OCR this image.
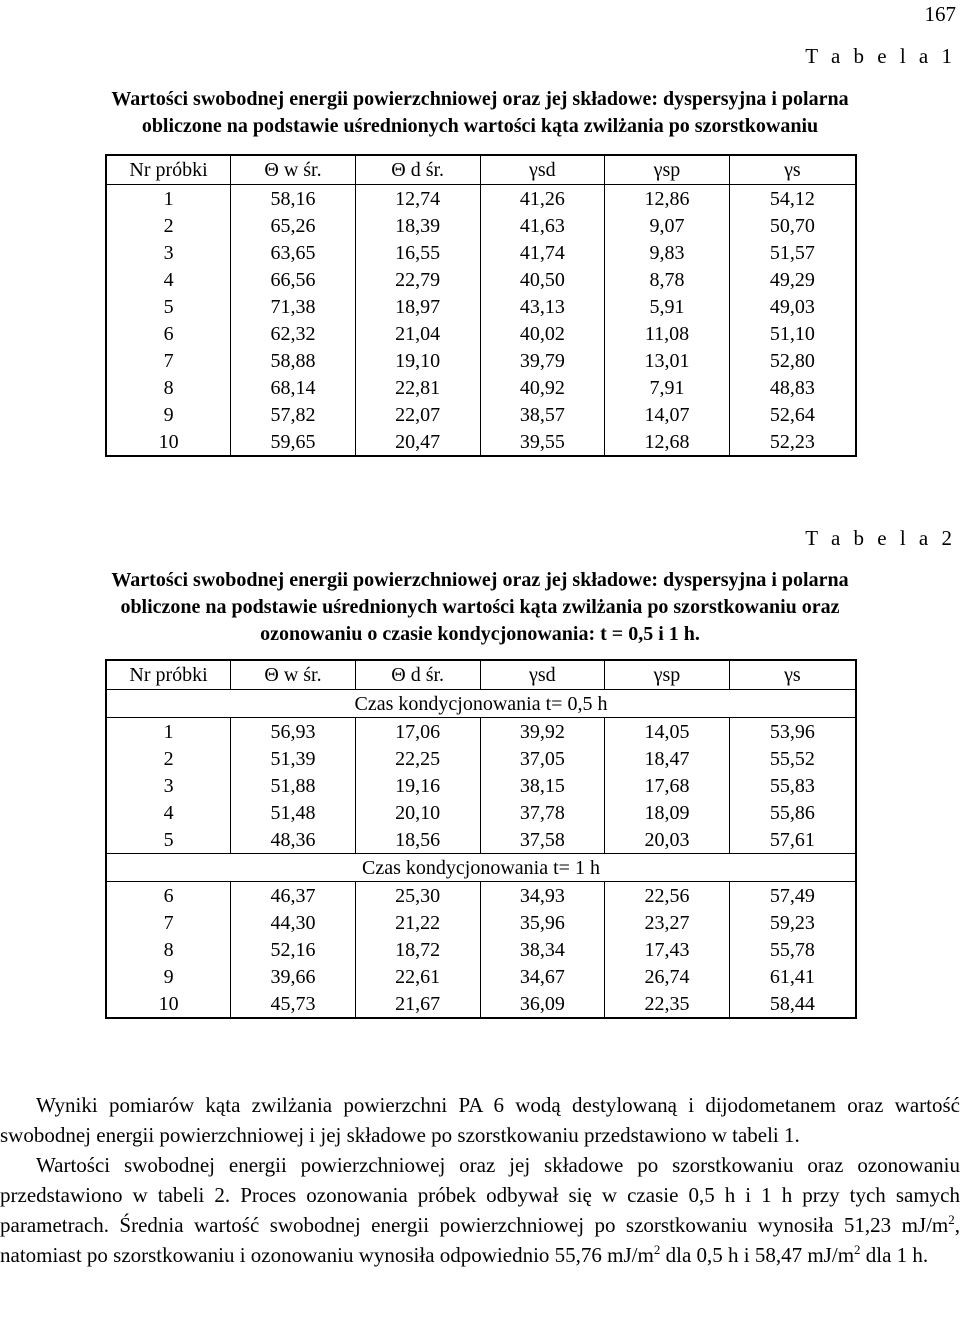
167
T a b e l a 1
Wartości swobodnej energii powierzchniowej oraz jej składowe: dyspersyjna i polarna
obliczone na podstawie uśrednionych wartości kąta zwilżania po szorstkowaniu
Nr próbki	Θ w śr.	Θ d śr.	γsd	γsp	γs
1	58,16	12,74	41,26	12,86	54,12
2	65,26	18,39	41,63	9,07	50,70
3	63,65	16,55	41,74	9,83	51,57
4	66,56	22,79	40,50	8,78	49,29
5	71,38	18,97	43,13	5,91	49,03
6	62,32	21,04	40,02	11,08	51,10
7	58,88	19,10	39,79	13,01	52,80
8	68,14	22,81	40,92	7,91	48,83
9	57,82	22,07	38,57	14,07	52,64
10	59,65	20,47	39,55	12,68	52,23
T a b e l a 2
Wartości swobodnej energii powierzchniowej oraz jej składowe: dyspersyjna i polarna
obliczone na podstawie uśrednionych wartości kąta zwilżania po szorstkowaniu oraz
ozonowaniu o czasie kondycjonowania: t = 0,5 i 1 h.
Nr próbki	Θ w śr.	Θ d śr.	γsd	γsp	γs
Czas kondycjonowania t= 0,5 h					
1	56,93	17,06	39,92	14,05	53,96
2	51,39	22,25	37,05	18,47	55,52
3	51,88	19,16	38,15	17,68	55,83
4	51,48	20,10	37,78	18,09	55,86
5	48,36	18,56	37,58	20,03	57,61
Czas kondycjonowania t= 1 h					
6	46,37	25,30	34,93	22,56	57,49
7	44,30	21,22	35,96	23,27	59,23
8	52,16	18,72	38,34	17,43	55,78
9	39,66	22,61	34,67	26,74	61,41
10	45,73	21,67	36,09	22,35	58,44

Wyniki pomiarów kąta zwilżania powierzchni PA 6 wodą destylowaną i dijodometanem oraz wartość swobodnej energii powierzchniowej i jej składowe po szorstkowaniu przedstawiono w tabeli 1.

Wartości swobodnej energii powierzchniowej oraz jej składowe po szorstkowaniu oraz ozonowaniu przedstawiono w tabeli 2. Proces ozonowania próbek odbywał się w czasie 0,5 h i 1 h przy tych samych parametrach. Średnia wartość swobodnej energii powierzchniowej po szorstkowaniu wynosiła 51,23 $mJ/m^2$, natomiast po szorstkowaniu i ozonowaniu wynosiła odpowiednio 55,76 $mJ/m^2$ dla 0,5 h i 58,47 $mJ/m^2$ dla 1 h.
